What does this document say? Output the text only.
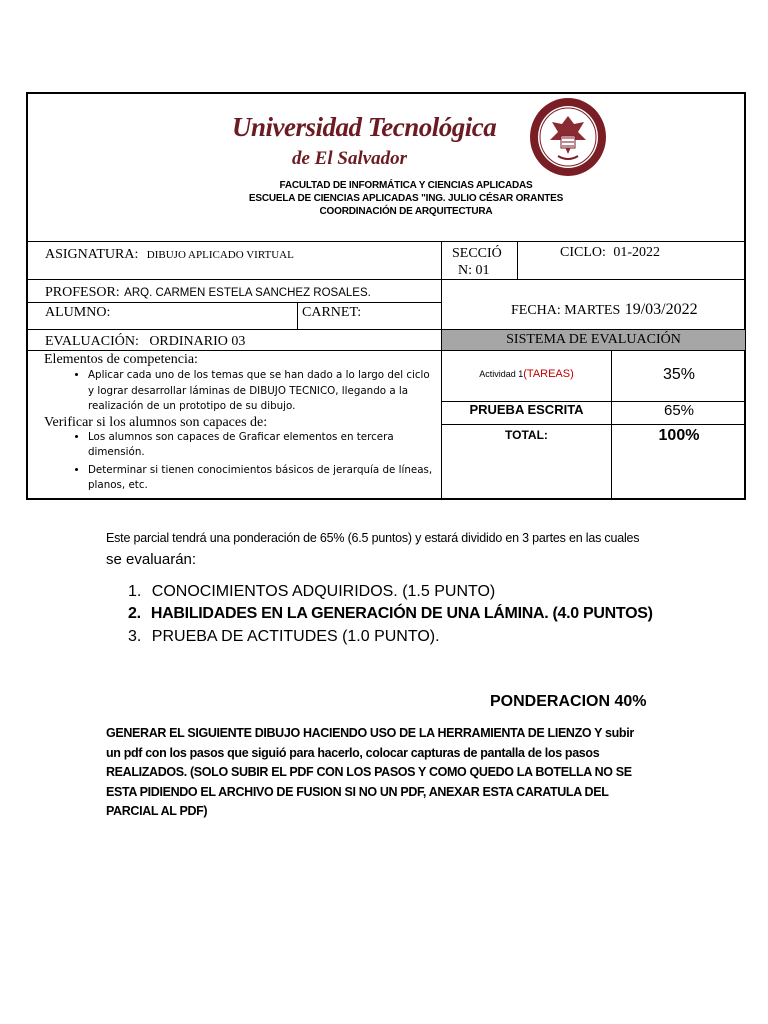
Universidad Tecnológica
de El Salvador
FACULTAD DE INFORMÁTICA Y CIENCIAS APLICADAS
ESCUELA DE CIENCIAS APLICADAS "ING. JULIO CÉSAR ORANTES
COORDINACIÓN DE ARQUITECTURA
ASIGNATURA: DIBUJO APLICADO VIRTUAL	SECCIÓ
N: 01
CICLO: 01-2022
PROFESOR: ARQ. CARMEN ESTELA SANCHEZ ROSALES.
ALUMNO:	CARNET:	FECHA: MARTES 19/03/2022
EVALUACIÓN: ORDINARIO 03	SISTEMA DE EVALUACIÓN
Elementos de competencia:
• Aplicar cada uno de los temas que se han dado a lo largo del ciclo y lograr desarrollar láminas de DIBUJO TECNICO, llegando a la realización de un prototipo de su dibujo.
Verificar si los alumnos son capaces de:
• Los alumnos son capaces de Graficar elementos en tercera dimensión.
• Determinar si tienen conocimientos básicos de jerarquía de líneas, planos, etc.
Actividad 1(TAREAS)	35%
PRUEBA ESCRITA	65%
TOTAL:	100%
Este parcial tendrá una ponderación de 65% (6.5 puntos) y estará dividido en 3 partes en las cuales
se evaluarán:
1. CONOCIMIENTOS ADQUIRIDOS. (1.5 PUNTO)
2. HABILIDADES EN LA GENERACIÓN DE UNA LÁMINA. (4.0 PUNTOS)
3. PRUEBA DE ACTITUDES (1.0 PUNTO).
PONDERACION 40%
GENERAR EL SIGUIENTE DIBUJO HACIENDO USO DE LA HERRAMIENTA DE LIENZO Y subir
un pdf con los pasos que siguió para hacerlo, colocar capturas de pantalla de los pasos
REALIZADOS. (SOLO SUBIR EL PDF CON LOS PASOS Y COMO QUEDO LA BOTELLA NO SE
ESTA PIDIENDO EL ARCHIVO DE FUSION SI NO UN PDF, ANEXAR ESTA CARATULA DEL
PARCIAL AL PDF)
